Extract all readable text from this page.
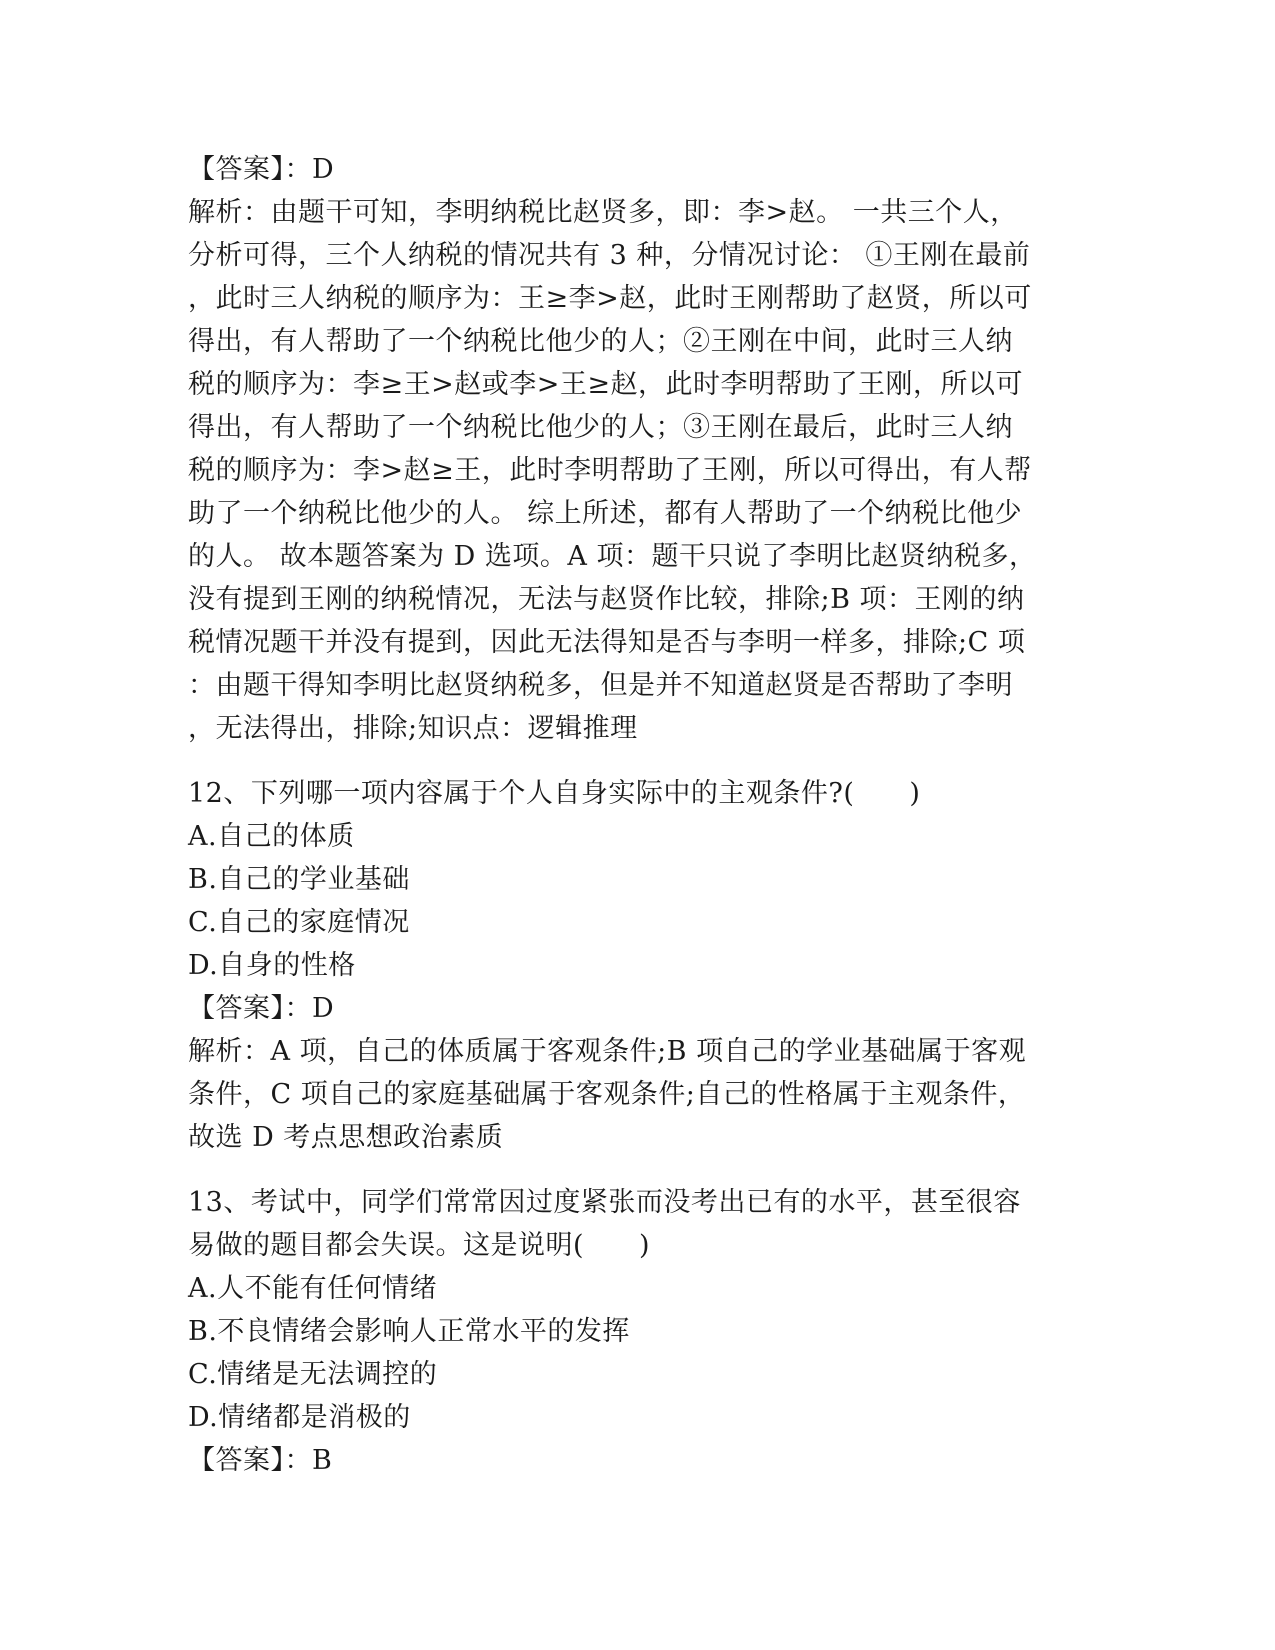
【答案】：D
解析：由题干可知，李明纳税比赵贤多，即：李>赵。 一共三个人，
分析可得，三个人纳税的情况共有 3 种，分情况讨论： ①王刚在最前
，此时三人纳税的顺序为：王≥李>赵，此时王刚帮助了赵贤，所以可
得出，有人帮助了一个纳税比他少的人；②王刚在中间，此时三人纳
税的顺序为：李≥王>赵或李>王≥赵，此时李明帮助了王刚，所以可
得出，有人帮助了一个纳税比他少的人；③王刚在最后，此时三人纳
税的顺序为：李>赵≥王，此时李明帮助了王刚，所以可得出，有人帮
助了一个纳税比他少的人。 综上所述，都有人帮助了一个纳税比他少
的人。 故本题答案为 D 选项。A 项：题干只说了李明比赵贤纳税多，
没有提到王刚的纳税情况，无法与赵贤作比较，排除;B 项：王刚的纳
税情况题干并没有提到，因此无法得知是否与李明一样多，排除;C 项
：由题干得知李明比赵贤纳税多，但是并不知道赵贤是否帮助了李明
，无法得出，排除;知识点：逻辑推理
12、下列哪一项内容属于个人自身实际中的主观条件?(　　)
A.自己的体质
B.自己的学业基础
C.自己的家庭情况
D.自身的性格
【答案】：D
解析：A 项，自己的体质属于客观条件;B 项自己的学业基础属于客观
条件，C 项自己的家庭基础属于客观条件;自己的性格属于主观条件，
故选 D 考点思想政治素质
13、考试中，同学们常常因过度紧张而没考出已有的水平，甚至很容
易做的题目都会失误。这是说明(　　)
A.人不能有任何情绪
B.不良情绪会影响人正常水平的发挥
C.情绪是无法调控的
D.情绪都是消极的
【答案】：B
